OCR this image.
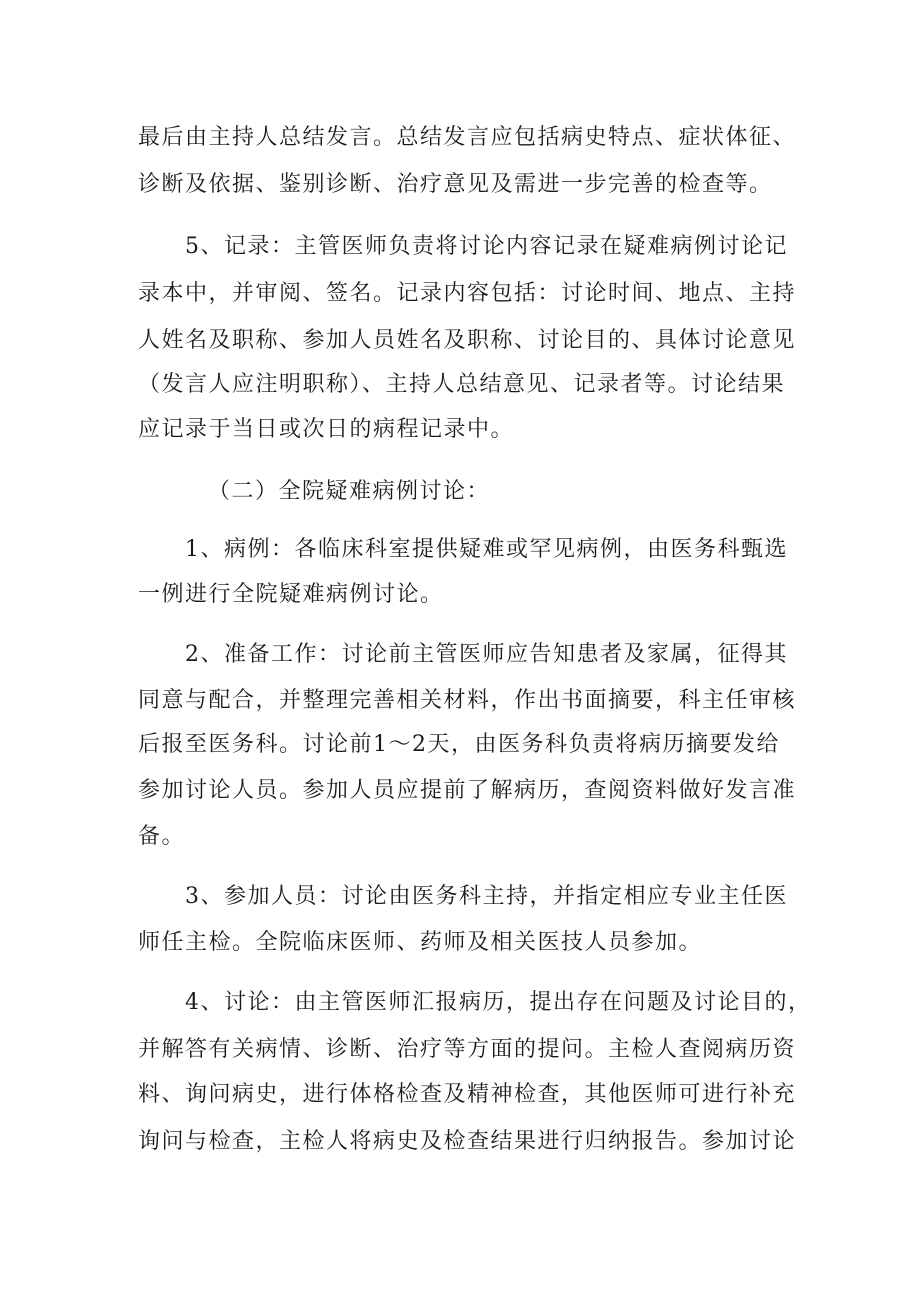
最后由主持人总结发言。总结发言应包括病史特点、症状体征、
诊断及依据、鉴别诊断、治疗意见及需进一步完善的检查等。
5、记录：主管医师负责将讨论内容记录在疑难病例讨论记
录本中，并审阅、签名。记录内容包括：讨论时间、地点、主持
人姓名及职称、参加人员姓名及职称、讨论目的、具体讨论意见
（发言人应注明职称）、主持人总结意见、记录者等。讨论结果
应记录于当日或次日的病程记录中。
（二）全院疑难病例讨论：
1、病例：各临床科室提供疑难或罕见病例，由医务科甄选
一例进行全院疑难病例讨论。
2、准备工作：讨论前主管医师应告知患者及家属，征得其
同意与配合，并整理完善相关材料，作出书面摘要，科主任审核
后报至医务科。讨论前1～2天，由医务科负责将病历摘要发给
参加讨论人员。参加人员应提前了解病历，查阅资料做好发言准
备。
3、参加人员：讨论由医务科主持，并指定相应专业主任医
师任主检。全院临床医师、药师及相关医技人员参加。
4、讨论：由主管医师汇报病历，提出存在问题及讨论目的，
并解答有关病情、诊断、治疗等方面的提问。主检人查阅病历资
料、询问病史，进行体格检查及精神检查，其他医师可进行补充
询问与检查，主检人将病史及检查结果进行归纳报告。参加讨论
